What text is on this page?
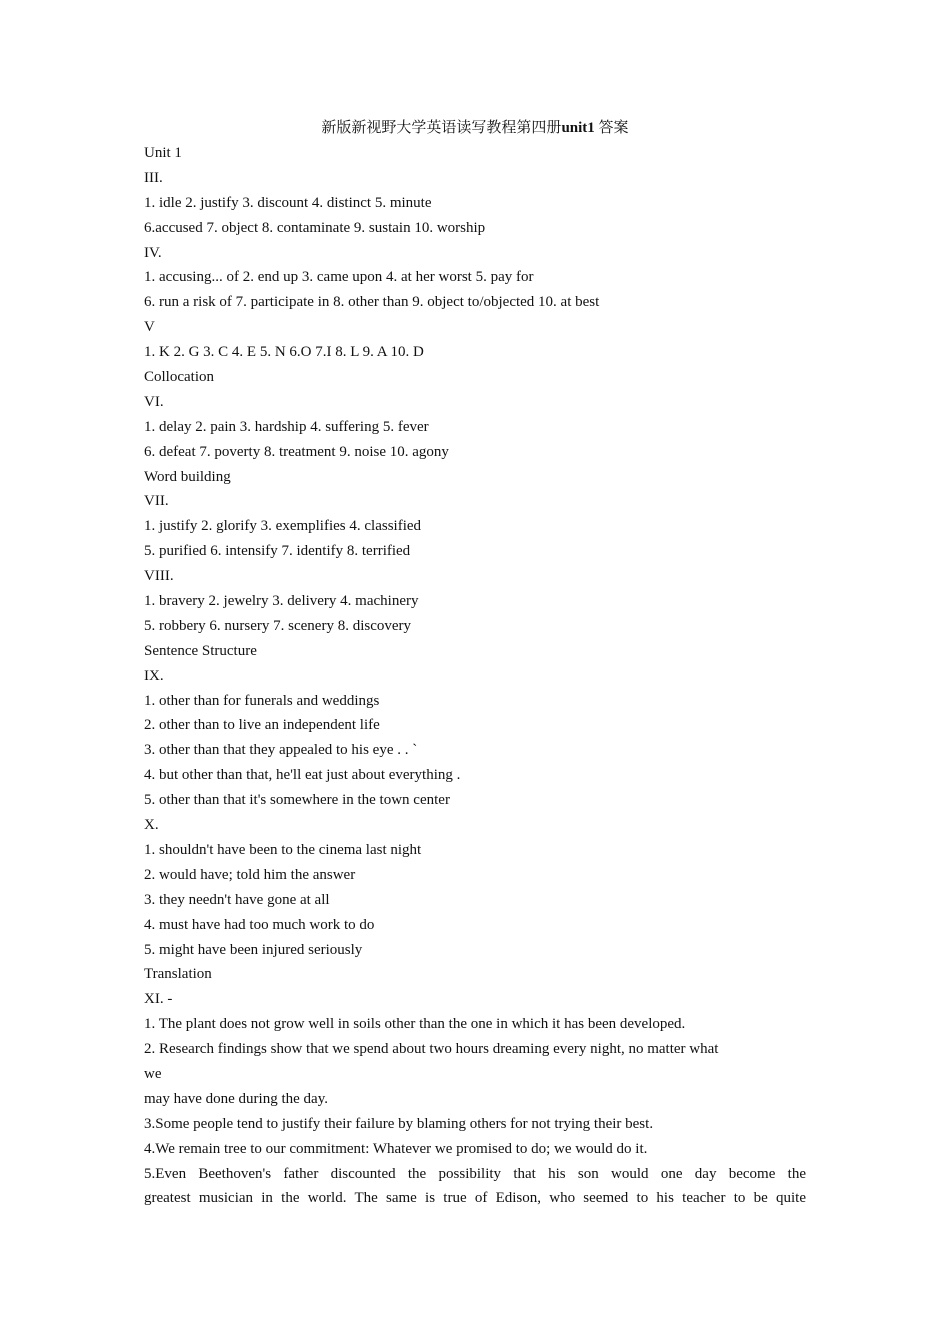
新版新视野大学英语读写教程第四册unit1 答案
Unit 1
III.
1. idle 2. justify 3. discount 4. distinct 5. minute
6.accused 7. object 8. contaminate 9. sustain 10. worship
IV.
1. accusing... of 2. end up 3. came upon 4. at her worst 5. pay for
6. run a risk of 7. participate in 8. other than 9. object to/objected 10. at best
V
1. K 2. G 3. C 4. E 5. N 6.O 7.I 8. L 9. A 10. D
Collocation
VI.
1. delay 2. pain 3. hardship 4. suffering 5. fever
6. defeat 7. poverty 8. treatment 9. noise 10. agony
Word building
VII.
1. justify 2. glorify 3. exemplifies 4. classified
5. purified 6. intensify 7. identify 8. terrified
VIII.
1. bravery 2. jewelry 3. delivery 4. machinery
5. robbery 6. nursery 7. scenery 8. discovery
Sentence Structure
IX.
1. other than for funerals and weddings
2. other than to live an independent life
3. other than that they appealed to his eye . . `
4. but other than that, he'll eat just about everything .
5. other than that it's somewhere in the town center
X.
1. shouldn't have been to the cinema last night
2. would have; told him the answer
3. they needn't have gone at all
4. must have had too much work to do
5. might have been injured seriously
Translation
XI. -
1. The plant does not grow well in soils other than the one in which it has been developed.
2. Research findings show that we spend about two hours dreaming every night, no matter what
we
may have done during the day.
3.Some people tend to justify their failure by blaming others for not trying their best.
4.We remain tree to our commitment: Whatever we promised to do; we would do it.
5.Even Beethoven's father discounted the possibility that his son would one day become the
greatest musician in the world. The same is true of Edison, who seemed to his teacher to be quite
